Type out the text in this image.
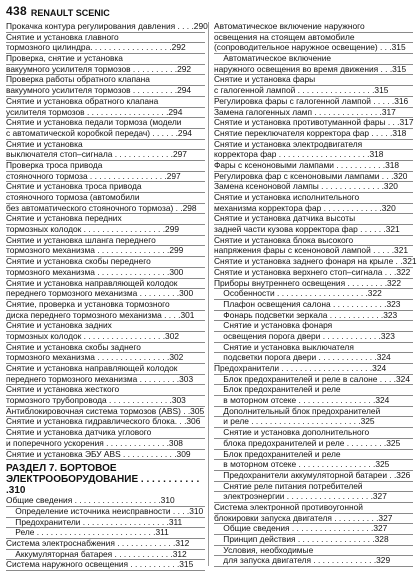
438 RENAULT SCENIC
Прокачка контура регулирования давления . . . .290
Снятие и установка главного
тормозного цилиндра. . . . . . . . . . . . . . . . . .292
Проверка, снятие и установка
вакуумного усилителя тормозов . . . . . . . . . .292
Проверка работы обратного клапана
вакуумного усилителя тормозов . . . . . . . . . .294
Снятие и установка обратного клапана
усилителя тормозов . . . . . . . . . . . . . . . . . .294
Снятие и установка педали тормоза (модели
с автоматической коробкой передач) . . . . . .294
Снятие и установка
выключателя стоп–сигнала . . . . . . . . . . . . .297
Проверка троса привода
стояночного тормоза . . . . . . . . . . . . . . . . .297
Снятие и установка троса привода
стояночного тормоза (автомобили
без автоматического стояночного тормоза) . .298
Снятие и установка передних
тормозных колодок . . . . . . . . . . . . . . . . . .299
Снятие и установка шланга переднего
тормозного механизма . . . . . . . . . . . . . . . .299
Снятие и установка скобы переднего
тормозного механизма . . . . . . . . . . . . . . . .300
Снятие и установка направляющей колодок
переднего тормозного механизма . . . . . . . . .300
Снятие, проверка и установка тормозного
диска переднего тормозного механизма . . . .301
Снятие и установка задних
тормозных колодок . . . . . . . . . . . . . . . . . .302
Снятие и установка скобы заднего
тормозного механизма . . . . . . . . . . . . . . . .302
Снятие и установка направляющей колодок
переднего тормозного механизма . . . . . . . . .303
Снятие и установка жесткого
тормозного трубопровода . . . . . . . . . . . . . .303
Антиблокировочная система тормозов (ABS) . .305
Снятие и установка гидравлического блока. . .306
Снятие и установка датчика углового
и поперечного ускорения . . . . . . . . . . . . . .308
Снятие и установка ЭБУ ABS . . . . . . . . . . . .309
РАЗДЕЛ 7. БОРТОВОЕ
ЭЛЕКТРООБОРУДОВАНИЕ . . . . . . . . . . . .310
Общие сведения . . . . . . . . . . . . . . . . . . .310
Определение источника неисправности . . . .310
Предохранители . . . . . . . . . . . . . . . . . . .311
Реле . . . . . . . . . . . . . . . . . . . . . . . . . .311
Система электроснабжения . . . . . . . . . . . . .312
Аккумуляторная батарея . . . . . . . . . . . . .312
Система наружного освещения . . . . . . . . . . .315
Автоматическое включение наружного
освещения на стоящем автомобиле
(сопроводительное наружное освещение) . . .315
Автоматическое включение
наружного освещения во время движения . . .315
Снятие и установка фары
с галогенной лампой . . . . . . . . . . . . . . . . .315
Регулировка фары с галогенной лампой . . . . .316
Замена галогенных ламп . . . . . . . . . . . . . . .317
Снятие и установка противотуманной фары . . .317
Снятие переключателя корректора фар . . . . .318
Снятие и установка электродвигателя
корректора фар . . . . . . . . . . . . . . . . . . . .318
Фары с ксеноновыми лампами . . . . . . . . . . .318
Регулировка фар с ксеноновыми лампами . . .320
Замена ксеноновой лампы . . . . . . . . . . . . . .320
Снятие и установка исполнительного
механизма корректора фар . . . . . . . . . . . . .320
Снятие и установка датчика высоты
задней части кузова корректора фар . . . . . .321
Снятие и установка блока высокого
напряжения фары с ксеноновой лампой . . . . .321
Снятие и установка заднего фонаря на крыле . .321
Снятие и установка верхнего стоп–сигнала . . .322
Приборы внутреннего освещения . . . . . . . . .322
Особенности . . . . . . . . . . . . . . . . . . . .322
Плафон освещения салона . . . . . . . . . . . .323
Фонарь подсветки зеркала . . . . . . . . . . . .323
Снятие и установка фонаря
освещения порога двери . . . . . . . . . . . . .323
Снятие и установка выключателя
подсветки порога двери . . . . . . . . . . . . .324
Предохранители . . . . . . . . . . . . . . . . . . . .324
Блок предохранителей и реле в салоне . . . .324
Блок предохранителей и реле
в моторном отсеке . . . . . . . . . . . . . . . . .324
Дополнительный блок предохранителей
и реле . . . . . . . . . . . . . . . . . . . . . . . .325
Снятие и установка дополнительного
блока предохранителей и реле . . . . . . . . .325
Блок предохранителей и реле
в моторном отсеке . . . . . . . . . . . . . . . . .325
Предохранители аккумуляторной батареи . .326
Снятие реле питания потребителей
электроэнергии . . . . . . . . . . . . . . . . . . .327
Система электронной противоугонной
блокировки запуска двигателя . . . . . . . . . .327
Общие сведения . . . . . . . . . . . . . . . . . .327
Принцип действия . . . . . . . . . . . . . . . . .328
Условия, необходимые
для запуска двигателя . . . . . . . . . . . . . .329
